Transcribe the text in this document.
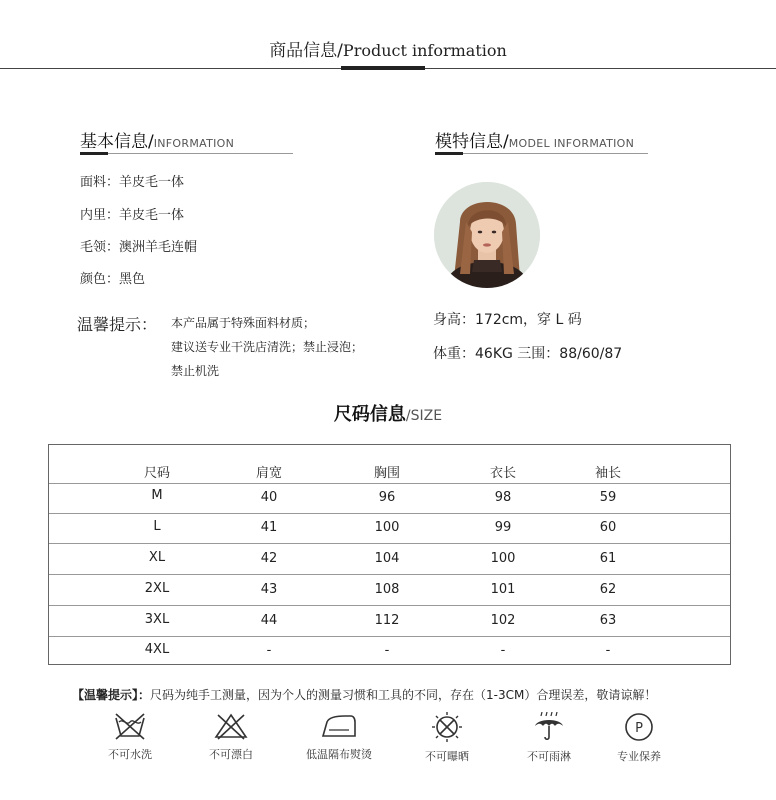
商品信息/Product information
基本信息/INFORMATION
面料：羊皮毛一体
内里：羊皮毛一体
毛领：澳洲羊毛连帽
颜色：黑色
温馨提示： 本产品属于特殊面料材质；
建议送专业干洗店清洗；禁止浸泡；
禁止机洗
模特信息/MODEL INFORMATION
身高：172cm，穿 L 码
体重：46KG 三围：88/60/87
尺码信息/SIZE
尺码	肩宽	胸围	衣长	袖长
M	40	96	98	59
L	41	100	99	60
XL	42	104	100	61
2XL	43	108	101	62
3XL	44	112	102	63
4XL	-	-	-	-
【温馨提示】：尺码为纯手工测量，因为个人的测量习惯和工具的不同，存在（1-3CM）合理误差，敬请谅解！
不可水洗	不可漂白	低温隔布熨烫	不可曝晒	不可雨淋
P
专业保养
